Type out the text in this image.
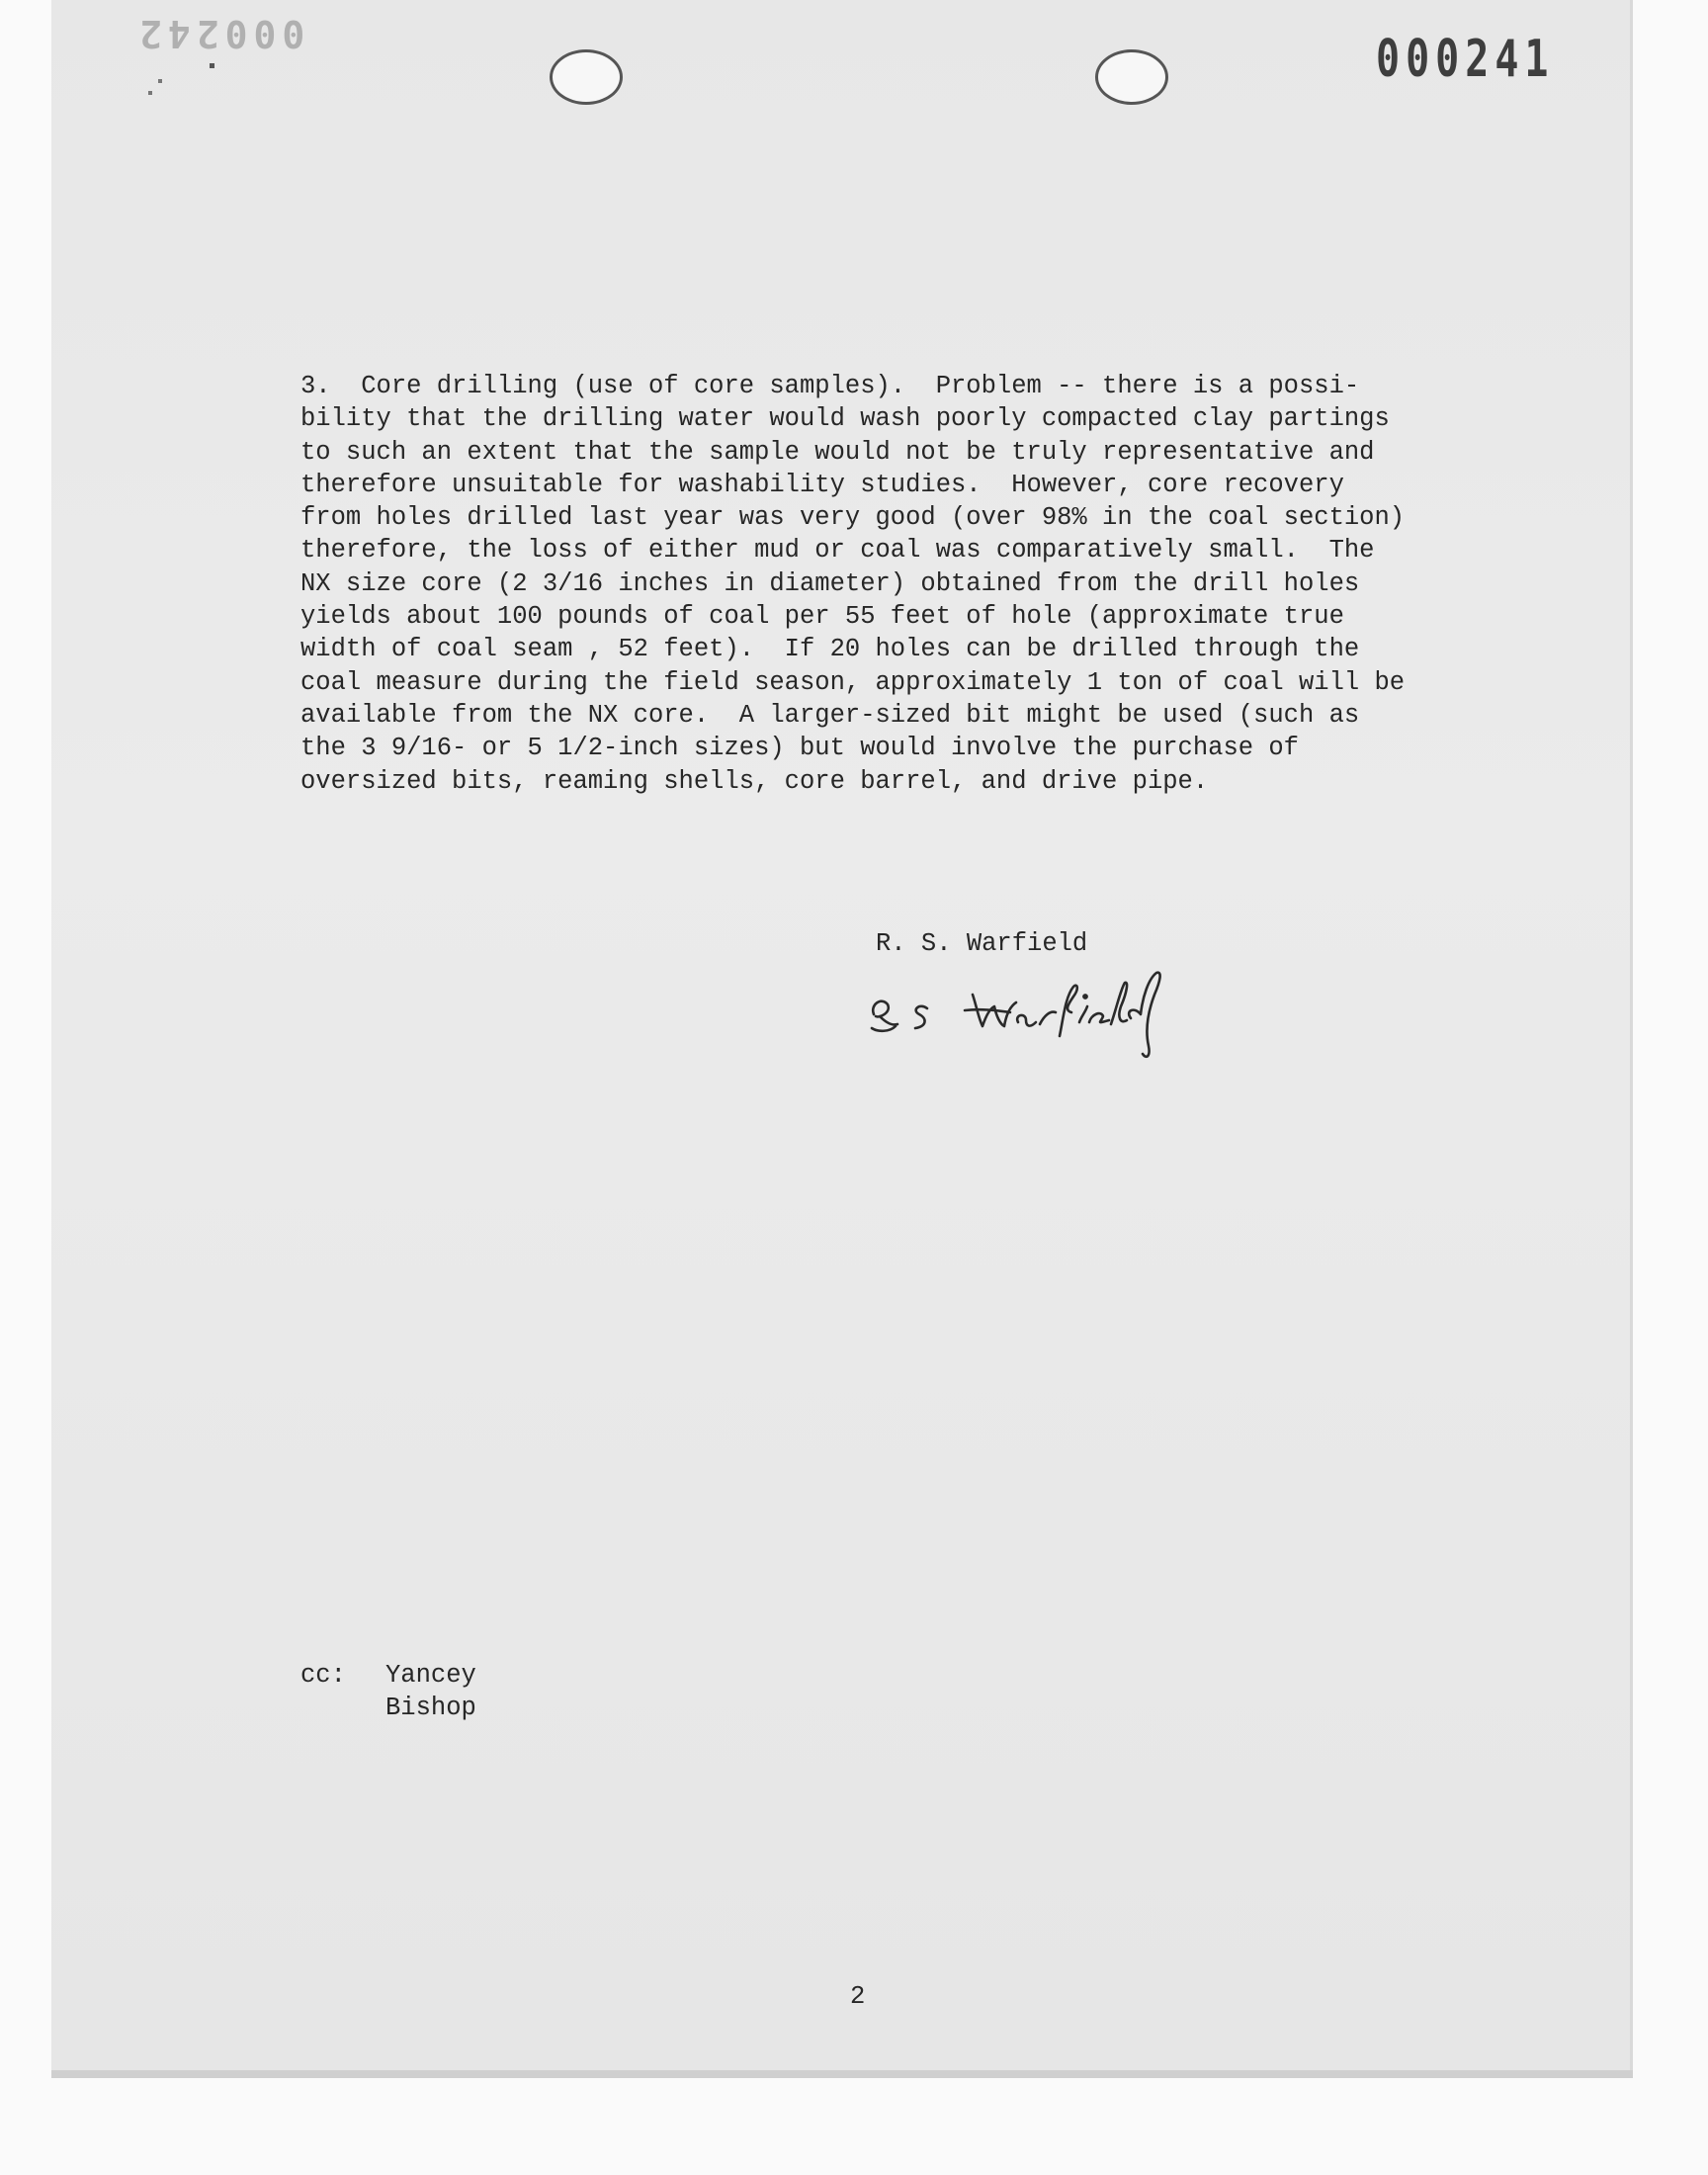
000242	000241
3.  Core drilling (use of core samples).  Problem -- there is a possi-
bility that the drilling water would wash poorly compacted clay partings
to such an extent that the sample would not be truly representative and
therefore unsuitable for washability studies.  However, core recovery
from holes drilled last year was very good (over 98% in the coal section)
therefore, the loss of either mud or coal was comparatively small.  The
NX size core (2 3/16 inches in diameter) obtained from the drill holes
yields about 100 pounds of coal per 55 feet of hole (approximate true
width of coal seam , 52 feet).  If 20 holes can be drilled through the
coal measure during the field season, approximately 1 ton of coal will be
available from the NX core.  A larger-sized bit might be used (such as
the 3 9/16- or 5 1/2-inch sizes) but would involve the purchase of
oversized bits, reaming shells, core barrel, and drive pipe.
R. S. Warfield
cc: Yancey
Bishop
2
